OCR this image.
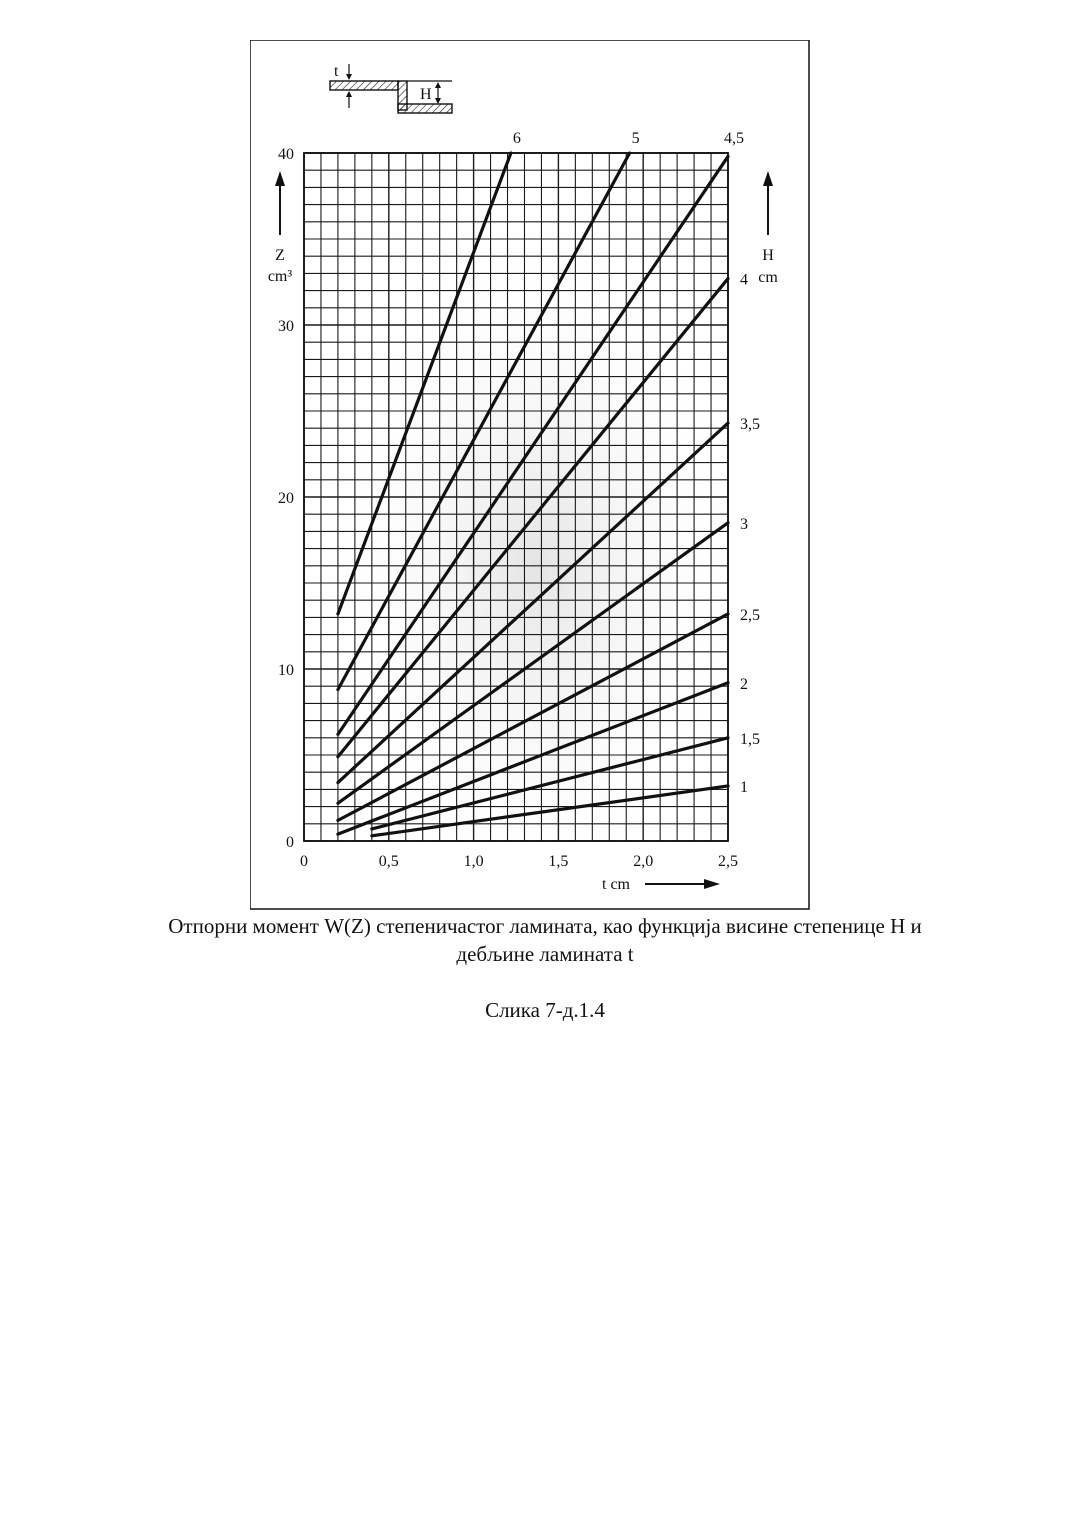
t
H
1
1,5
2
2,5
3
3,5
4
4,5
5
6
0	0,5	1,0	1,5	2,0	2,5
0
10
20
30
40
Z
cm³
H
cm
t cm
Отпорни момент W(Z) степеничастог ламината, као функција висине степенице H и
дебљине ламината t
Слика 7-д.1.4
